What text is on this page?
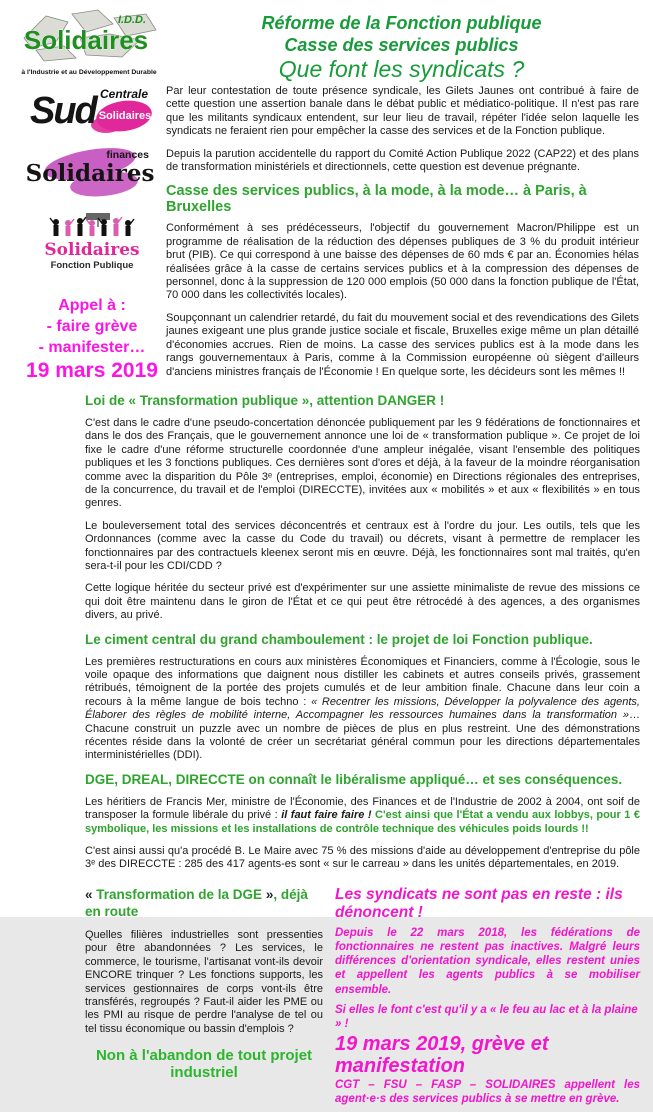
I.D.D.
Solidaires
à l'Industrie et au Développement Durable
Réforme de la Fonction publique
Casse des services publics
Que font les syndicats ?
Sud Centrale
Solidaires
finances
Solidaires
Solidaires
Fonction Publique
Appel à :
- faire grève
- manifester…
19 mars 2019

Par leur contestation de toute présence syndicale, les Gilets Jaunes ont contribué à faire de cette question une assertion banale dans le débat public et médiatico-politique. Il n'est pas rare que les militants syndicaux entendent, sur leur lieu de travail, répéter l'idée selon laquelle les syndicats ne feraient rien pour empêcher la casse des services et de la Fonction publique.

Depuis la parution accidentelle du rapport du Comité Action Publique 2022 (CAP22) et des plans de transformation ministériels et directionnels, cette question est devenue prégnante.

Casse des services publics, à la mode, à la mode… à Paris, à Bruxelles

Conformément à ses prédécesseurs, l'objectif du gouvernement Macron/Philippe est un programme de réalisation de la réduction des dépenses publiques de 3 % du produit intérieur brut (PIB). Ce qui correspond à une baisse des dépenses de 60 mds € par an. Économies hélas réalisées grâce à la casse de certains services publics et à la compression des dépenses de personnel, donc à la suppression de 120 000 emplois (50 000 dans la fonction publique de l'État, 70 000 dans les collectivités locales).

Soupçonnant un calendrier retardé, du fait du mouvement social et des revendications des Gilets jaunes exigeant une plus grande justice sociale et fiscale, Bruxelles exige même un plan détaillé d'économies accrues. Rien de moins. La casse des services publics est à la mode dans les rangs gouvernementaux à Paris, comme à la Commission européenne où siègent d'ailleurs d'anciens ministres français de l'Économie ! En quelque sorte, les décideurs sont les mêmes !!

Loi de « Transformation publique », attention DANGER !

C'est dans le cadre d'une pseudo-concertation dénoncée publiquement par les 9 fédérations de fonctionnaires et dans le dos des Français, que le gouvernement annonce une loi de « transformation publique ». Ce projet de loi fixe le cadre d'une réforme structurelle coordonnée d'une ampleur inégalée, visant l'ensemble des politiques publiques et les 3 fonctions publiques. Ces dernières sont d'ores et déjà, à la faveur de la moindre réorganisation comme avec la disparition du Pôle 3ᵉ (entreprises, emploi, économie) en Directions régionales des entreprises, de la concurrence, du travail et de l'emploi (DIRECCTE), invitées aux « mobilités » et aux « flexibilités » en tous genres.

Le bouleversement total des services déconcentrés et centraux est à l'ordre du jour. Les outils, tels que les Ordonnances (comme avec la casse du Code du travail) ou décrets, visant à permettre de remplacer les fonctionnaires par des contractuels kleenex seront mis en œuvre. Déjà, les fonctionnaires sont mal traités, qu'en sera-t-il pour les CDI/CDD ?

Cette logique héritée du secteur privé est d'expérimenter sur une assiette minimaliste de revue des missions ce qui doit être maintenu dans le giron de l'État et ce qui peut être rétrocédé à des agences, a des organismes divers, au privé.

Le ciment central du grand chamboulement : le projet de loi Fonction publique.

Les premières restructurations en cours aux ministères Économiques et Financiers, comme à l'Écologie, sous le voile opaque des informations que daignent nous distiller les cabinets et autres conseils privés, grassement rétribués, témoignent de la portée des projets cumulés et de leur ambition finale. Chacune dans leur coin a recours à la même langue de bois techno : « Recentrer les missions, Développer la polyvalence des agents, Élaborer des règles de mobilité interne, Accompagner les ressources humaines dans la transformation »… Chacune construit un puzzle avec un nombre de pièces de plus en plus restreint. Une des démonstrations récentes réside dans la volonté de créer un secrétariat général commun pour les directions départementales interministérielles (DDI).

DGE, DREAL, DIRECCTE on connaît le libéralisme appliqué… et ses conséquences.

Les héritiers de Francis Mer, ministre de l'Économie, des Finances et de l'Industrie de 2002 à 2004, ont soif de transposer la formule libérale du privé : il faut faire faire ! C'est ainsi que l'État a vendu aux lobbys, pour 1 € symbolique, les missions et les installations de contrôle technique des véhicules poids lourds !!

C'est ainsi aussi qu'a procédé B. Le Maire avec 75 % des missions d'aide au développement d'entreprise du pôle 3ᵉ des DIRECCTE : 285 des 417 agents-es sont « sur le carreau » dans les unités départementales, en 2019.

« Transformation de la DGE », déjà en route

Quelles filières industrielles sont pressenties pour être abandonnées ? Les services, le commerce, le tourisme, l'artisanat vont-ils devoir ENCORE trinquer ? Les fonctions supports, les services gestionnaires de corps vont-ils être transférés, regroupés ? Faut-il aider les PME ou les PMI au risque de perdre l'analyse de tel ou tel tissu économique ou bassin d'emplois ?

Non à l'abandon de tout projet industriel
Les syndicats ne sont pas en reste : ils dénoncent !

Depuis le 22 mars 2018, les fédérations de fonctionnaires ne restent pas inactives. Malgré leurs différences d'orientation syndicale, elles restent unies et appellent les agents publics à se mobiliser ensemble.

Si elles le font c'est qu'il y a « le feu au lac et à la plaine » !

19 mars 2019, grève et manifestation

CGT – FSU – FASP – SOLIDAIRES appellent les agent·e·s des services publics à se mettre en grève.
